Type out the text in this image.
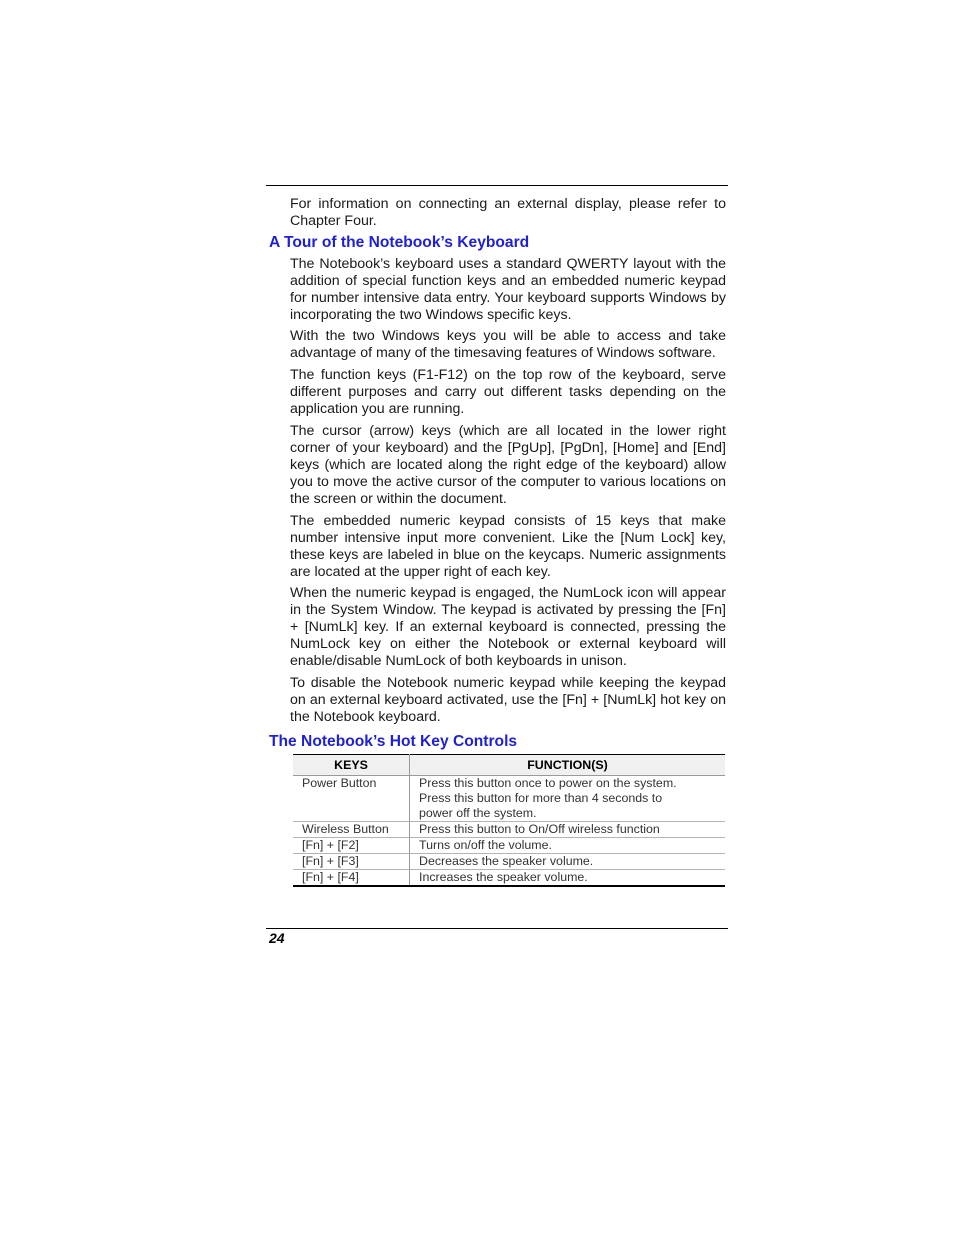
For information on connecting an external display, please refer to Chapter Four.

A Tour of the Notebook’s Keyboard

The Notebook’s keyboard uses a standard QWERTY layout with the addition of special function keys and an embedded numeric keypad for number intensive data entry. Your keyboard supports Windows by incorporating the two Windows specific keys.

With the two Windows keys you will be able to access and take advantage of many of the timesaving features of Windows software.

The function keys (F1-F12) on the top row of the keyboard, serve different purposes and carry out different tasks depending on the application you are running.

The cursor (arrow) keys (which are all located in the lower right corner of your keyboard) and the [PgUp], [PgDn], [Home] and [End] keys (which are located along the right edge of the keyboard) allow you to move the active cursor of the computer to various locations on the screen or within the document.

The embedded numeric keypad consists of 15 keys that make number intensive input more convenient. Like the [Num Lock] key, these keys are labeled in blue on the keycaps. Numeric assignments are located at the upper right of each key.

When the numeric keypad is engaged, the NumLock icon will appear in the System Window. The keypad is activated by pressing the [Fn] + [NumLk] key. If an external keyboard is connected, pressing the NumLock key on either the Notebook or external keyboard will enable/disable NumLock of both keyboards in unison.

To disable the Notebook numeric keypad while keeping the keypad on an external keyboard activated, use the [Fn] + [NumLk] hot key on the Notebook keyboard.

The Notebook’s Hot Key Controls
KEYS	FUNCTION(S)
Power Button	Press this button once to power on the system.
Press this button for more than 4 seconds to
power off the system.

Wireless Button	Press this button to On/Off wireless function
[Fn] + [F2]	Turns on/off the volume.
[Fn] + [F3]	Decreases the speaker volume.
[Fn] + [F4]	Increases the speaker volume.
24
